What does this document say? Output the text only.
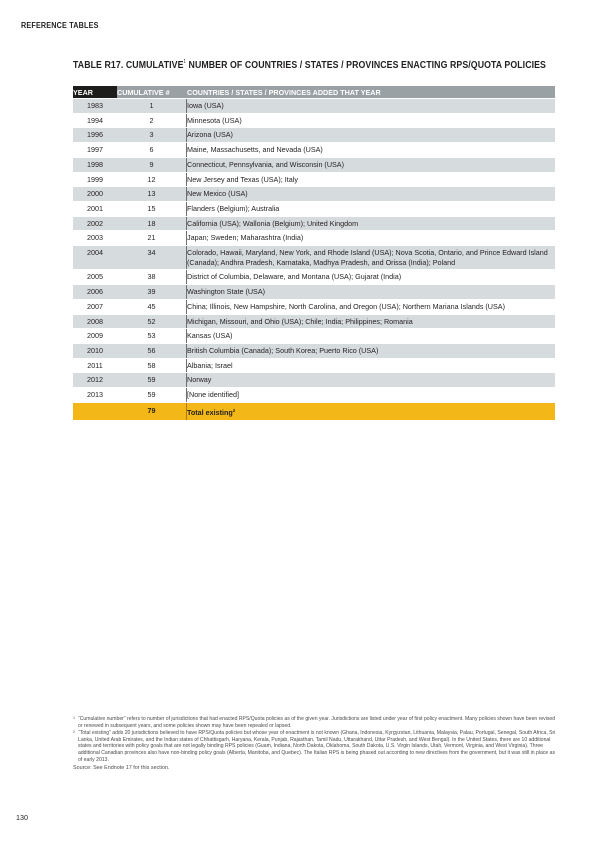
REFERENCE TABLES
TABLE R17. CUMULATIVE$^1$ NUMBER OF COUNTRIES / STATES / PROVINCES ENACTING RPS/QUOTA POLICIES
YEAR	CUMULATIVE #	COUNTRIES / STATES / PROVINCES ADDED THAT YEAR
1983	1	Iowa (USA)
1994	2	Minnesota (USA)
1996	3	Arizona (USA)
1997	6	Maine, Massachusetts, and Nevada (USA)
1998	9	Connecticut, Pennsylvania, and Wisconsin (USA)
1999	12	New Jersey and Texas (USA); Italy
2000	13	New Mexico (USA)
2001	15	Flanders (Belgium); Australia
2002	18	California (USA); Wallonia (Belgium); United Kingdom
2003	21	Japan; Sweden; Maharashtra (India)
2004	34	Colorado, Hawaii, Maryland, New York, and Rhode Island (USA); Nova Scotia, Ontario, and Prince Edward Island (Canada); Andhra Pradesh, Karnataka, Madhya Pradesh, and Orissa (India); Poland
2005	38	District of Columbia, Delaware, and Montana (USA); Gujarat (India)
2006	39	Washington State (USA)
2007	45	China; Illinois, New Hampshire, North Carolina, and Oregon (USA); Northern Mariana Islands (USA)
2008	52	Michigan, Missouri, and Ohio (USA); Chile; India; Philippines; Romania
2009	53	Kansas (USA)
2010	56	British Columbia (Canada); South Korea; Puerto Rico (USA)
2011	58	Albania; Israel
2012	59	Norway
2013	59	[None identified]
	79	Total existing$^2$
1 “Cumulative number” refers to number of jurisdictions that had enacted RPS/Quota policies as of the given year. Jurisdictions are listed under year of first policy enactment. Many policies shown have been revised or renewed in subsequent years, and some policies shown may have been repealed or lapsed.
2 “Total existing” adds 20 jurisdictions believed to have RPS/Quota policies but whose year of enactment is not known (Ghana, Indonesia, Kyrgyzstan, Lithuania, Malaysia, Palau, Portugal, Senegal, South Africa, Sri Lanka, United Arab Emirates, and the Indian states of Chhattisgarh, Haryana, Kerala, Punjab, Rajasthan, Tamil Nadu, Uttarakhand, Uttar Pradesh, and West Bengal). In the United States, there are 10 additional states and territories with policy goals that are not legally binding RPS policies (Guam, Indiana, North Dakota, Oklahoma, South Dakota, U.S. Virgin Islands, Utah, Vermont, Virginia, and West Virginia). Three additional Canadian provinces also have non-binding policy goals (Alberta, Manitoba, and Quebec). The Italian RPS is being phased out according to new directives from the government, but it was still in place as of early 2013.
Source: See Endnote 17 for this section.
130
